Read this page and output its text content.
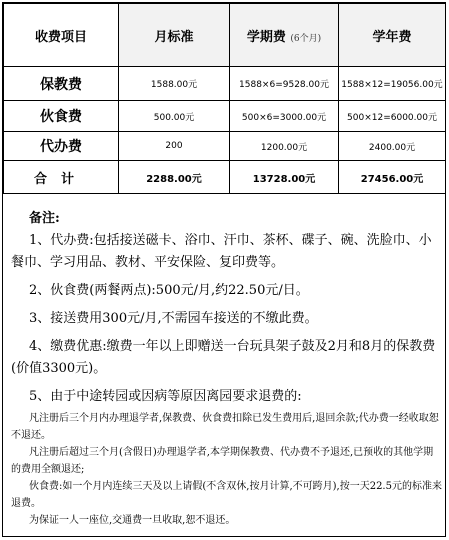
收费项目	月标准	学期费 (6个月)	学年费
保教费	1588.00元	1588×6=9528.00元	1588×12=19056.00元
伙食费	500.00元	500×6=3000.00元	500×12=6000.00元
代办费	200	1200.00元	2400.00元
合计	2288.00元	13728.00元	27456.00元
备注:
1、代办费:包括接送磁卡、浴巾、汗巾、茶杯、碟子、碗、洗脸巾、小餐巾、学习用品、教材、平安保险、复印费等。
2、伙食费(两餐两点):500元/月,约22.50元/日。
3、接送费用300元/月,不需园车接送的不缴此费。
4、缴费优惠:缴费一年以上即赠送一台玩具架子鼓及2月和8月的保教费(价值3300元)。
5、由于中途转园或因病等原因离园要求退费的:
凡注册后三个月内办理退学者,保教费、伙食费扣除已发生费用后,退回余款;代办费一经收取恕不退还。
凡注册后超过三个月(含假日)办理退学者,本学期保教费、代办费不予退还,已预收的其他学期的费用全额退还;
伙食费:如一个月内连续三天及以上请假(不含双休,按月计算,不可跨月),按一天22.5元的标准来退费。
为保证一人一座位,交通费一旦收取,恕不退还。
